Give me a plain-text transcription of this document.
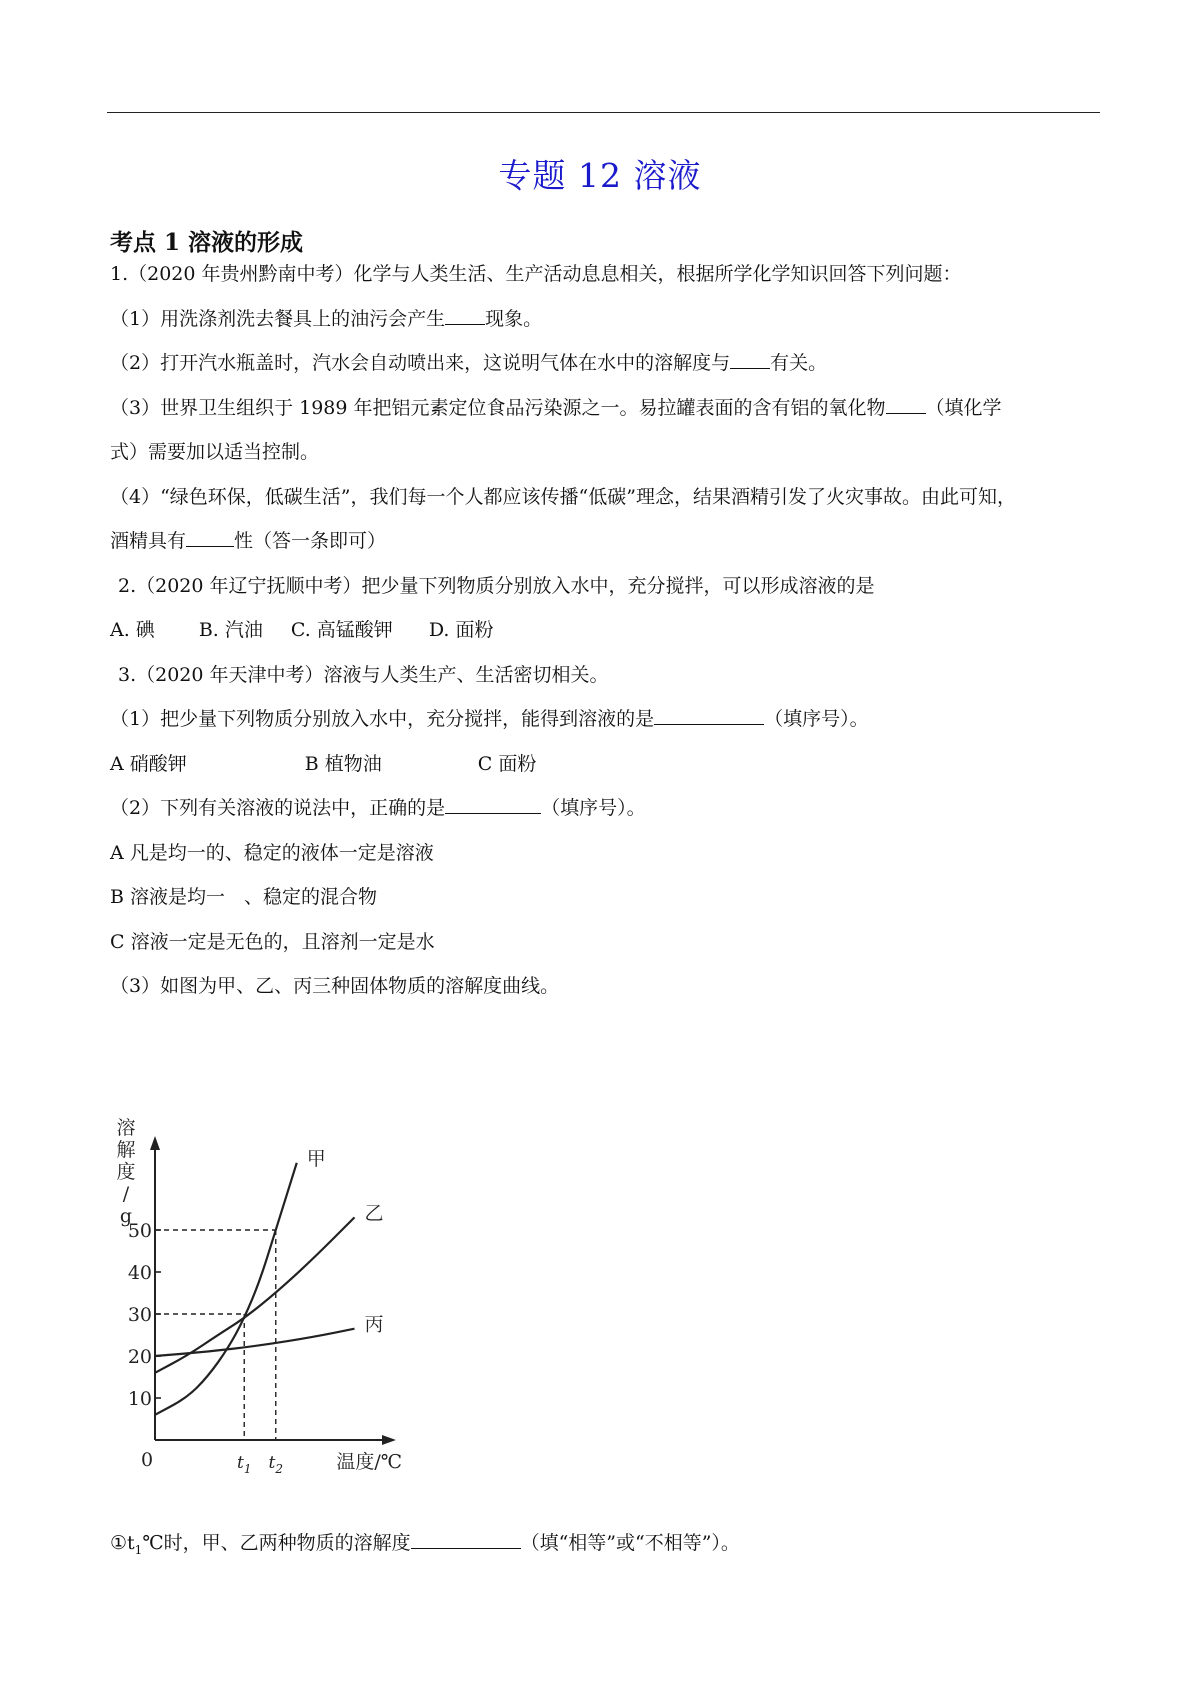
专题 12 溶液
考点 1 溶液的形成
1.（2020 年贵州黔南中考）化学与人类生活、生产活动息息相关，根据所学化学知识回答下列问题：
（1）用洗涤剂洗去餐具上的油污会产生 现象。
（2）打开汽水瓶盖时，汽水会自动喷出来，这说明气体在水中的溶解度与 有关。
（3）世界卫生组织于 1989 年把铝元素定位食品污染源之一。易拉罐表面的含有铝的氧化物 （填化学
式）需要加以适当控制。
（4）“绿色环保，低碳生活”，我们每一个人都应该传播“低碳”理念，结果酒精引发了火灾事故。由此可知，
酒精具有	性（答一条即可）
2.（2020 年辽宁抚顺中考）把少量下列物质分别放入水中，充分搅拌，可以形成溶液的是
A. 碘 B. 汽油 C. 高锰酸钾 D. 面粉
3.（2020 年天津中考）溶液与人类生产、生活密切相关。
（1）把少量下列物质分别放入水中，充分搅拌，能得到溶液的是	（填序号）。
A 硝酸钾	B 植物油	C 面粉
（2）下列有关溶液的说法中，正确的是	（填序号）。
A 凡是均一的、稳定的液体一定是溶液
B 溶液是均一　、稳定的混合物
C 溶液一定是无色的，且溶剂一定是水
（3）如图为甲、乙、丙三种固体物质的溶解度曲线。
溶
解
度
/
g
10
20
30
40
50
0	温度/℃
$t_1$ $t_2$
甲
乙
丙
$①t_1℃$时，甲、乙两种物质的溶解度	（填“相等”或“不相等”）。
